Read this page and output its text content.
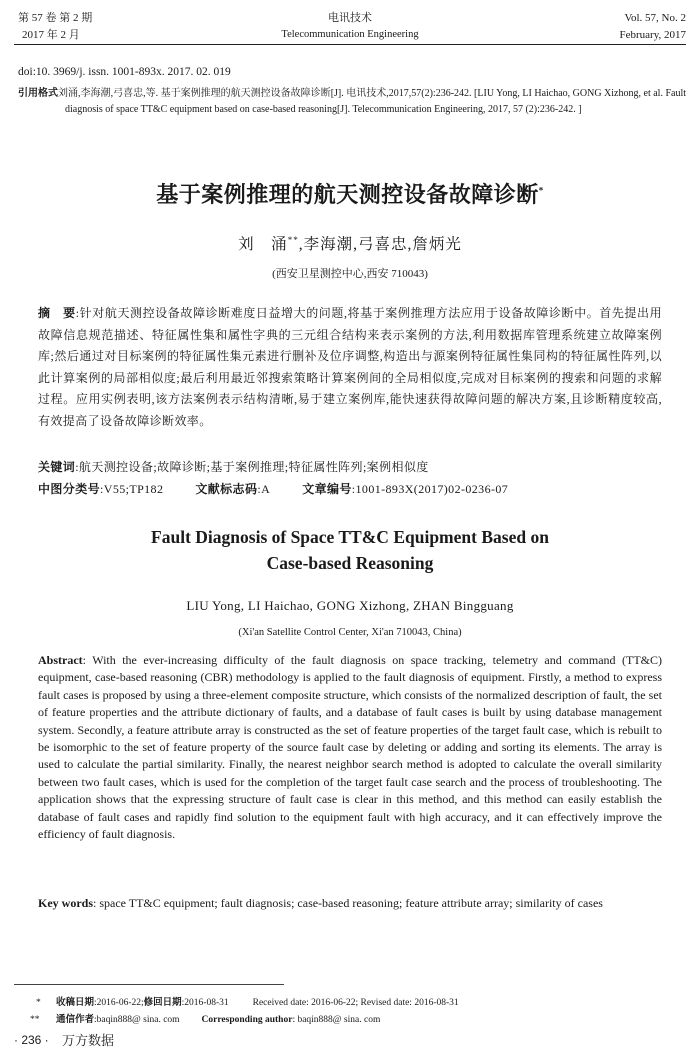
第 57 卷 第 2 期
2017 年 2 月
电讯技术
Telecommunication Engineering
Vol. 57, No. 2
February, 2017
doi:10. 3969/j. issn. 1001-893x. 2017. 02. 019
引用格式刘涌,李海潮,弓喜忠,等. 基于案例推理的航天测控设备故障诊断[J]. 电讯技术,2017,57(2):236-242. [LIU Yong, LI Haichao, GONG Xizhong, et al. Fault diagnosis of space TT&C equipment based on case-based reasoning[J]. Telecommunication Engineering, 2017, 57 (2):236-242. ]
基于案例推理的航天测控设备故障诊断*
刘　涌**,李海潮,弓喜忠,詹炳光
(西安卫星测控中心,西安 710043)
摘　要:针对航天测控设备故障诊断难度日益增大的问题,将基于案例推理方法应用于设备故障诊断中。首先提出用故障信息规范描述、特征属性集和属性字典的三元组合结构来表示案例的方法,利用数据库管理系统建立故障案例库;然后通过对目标案例的特征属性集元素进行删补及位序调整,构造出与源案例特征属性集同构的特征属性阵列,以此计算案例的局部相似度;最后利用最近邻搜索策略计算案例间的全局相似度,完成对目标案例的搜索和问题的求解过程。应用实例表明,该方法案例表示结构清晰,易于建立案例库,能快速获得故障问题的解决方案,且诊断精度较高,有效提高了设备故障诊断效率。
关键词:航天测控设备;故障诊断;基于案例推理;特征属性阵列;案例相似度
中图分类号:V55;TP182	文献标志码:A	文章编号:1001-893X(2017)02-0236-07
Fault Diagnosis of Space TT&C Equipment Based on
Case-based Reasoning
LIU Yong, LI Haichao, GONG Xizhong, ZHAN Bingguang
(Xi'an Satellite Control Center, Xi'an 710043, China)
Abstract: With the ever-increasing difficulty of the fault diagnosis on space tracking, telemetry and command (TT&C) equipment, case-based reasoning (CBR) methodology is applied to the fault diagnosis of equipment. Firstly, a method to express fault cases is proposed by using a three-element composite structure, which consists of the normalized description of fault, the set of feature properties and the attribute dictionary of faults, and a database of fault cases is built by using database management system. Secondly, a feature attribute array is constructed as the set of feature properties of the target fault case, which is rebuilt to be isomorphic to the set of feature property of the source fault case by deleting or adding and sorting its elements. The array is used to calculate the partial similarity. Finally, the nearest neighbor search method is adopted to calculate the overall similarity between two fault cases, which is used for the completion of the target fault case search and the process of troubleshooting. The application shows that the expressing structure of fault case is clear in this method, and this method can easily establish the database of fault cases and rapidly find solution to the equipment fault with high accuracy, and it can effectively improve the efficiency of fault diagnosis.
Key words: space TT&C equipment; fault diagnosis; case-based reasoning; feature attribute array; similarity of cases
* 收稿日期:2016-06-22;修回日期:2016-08-31	Received date: 2016-06-22; Revised date: 2016-08-31
** 通信作者:baqin888@ sina. com Corresponding author: baqin888@ sina. com
· 236 · 万方数据
